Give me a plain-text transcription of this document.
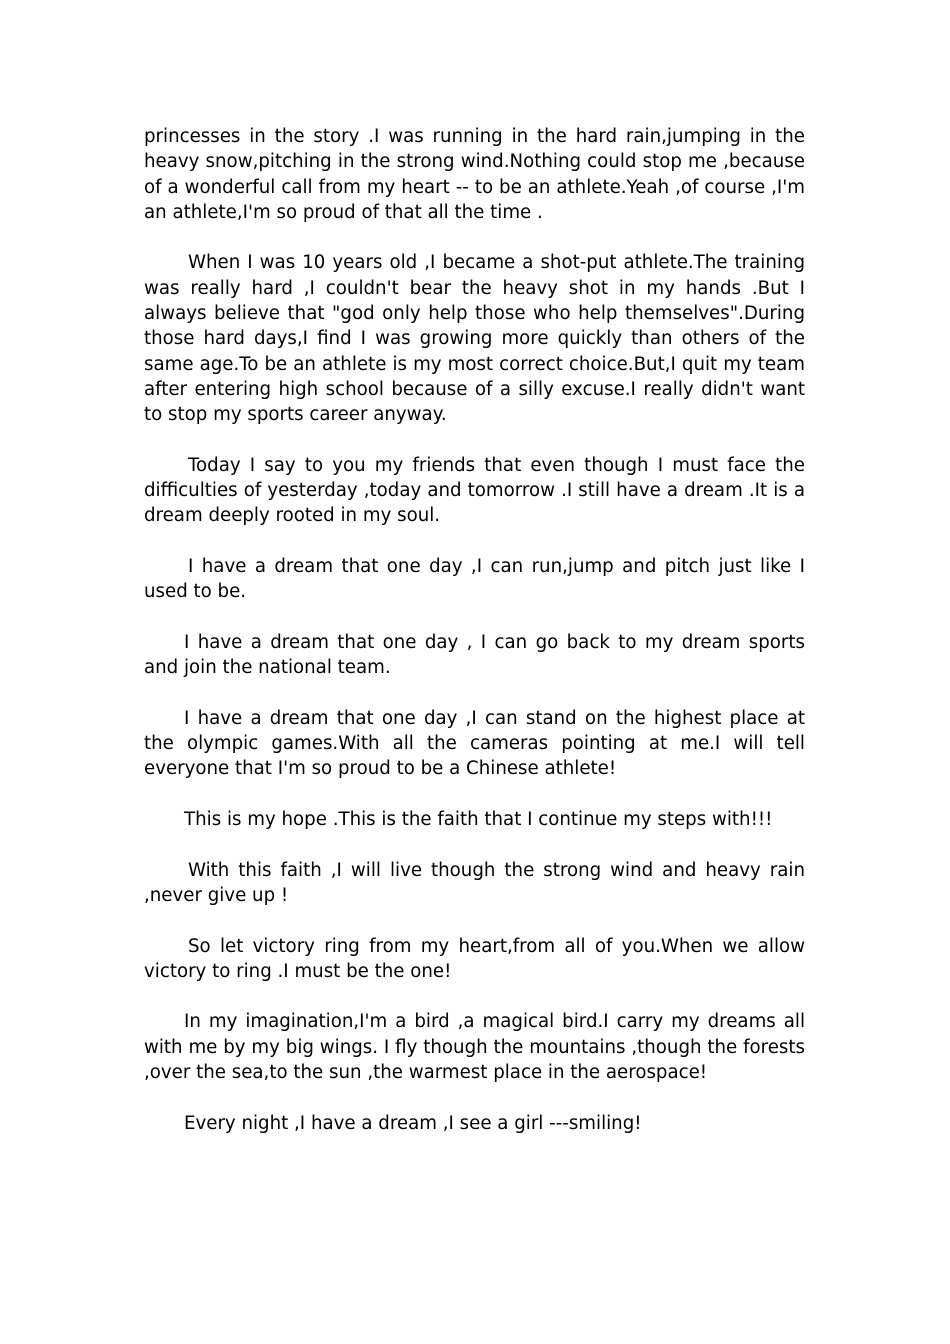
princesses in the story .I was running in the hard rain,jumping in the heavy snow,pitching in the strong wind.Nothing could stop me ,because of a wonderful call from my heart -- to be an athlete.Yeah ,of course ,I'm an athlete,I'm so proud of that all the time .

When I was 10 years old ,I became a shot-put athlete.The training was really hard ,I couldn't bear the heavy shot in my hands .But I always believe that "god only help those who help themselves".During those hard days,I find I was growing more quickly than others of the same age.To be an athlete is my most correct choice.But,I quit my team after entering high school because of a silly excuse.I really didn't want to stop my sports career anyway.

Today I say to you my friends that even though I must face the difficulties of yesterday ,today and tomorrow .I still have a dream .It is a dream deeply rooted in my soul.

I have a dream that one day ,I can run,jump and pitch just like I used to be.

I have a dream that one day , I can go back to my dream sports and join the national team.

I have a dream that one day ,I can stand on the highest place at the olympic games.With all the cameras pointing at me.I will tell everyone that I'm so proud to be a Chinese athlete!

This is my hope .This is the faith that I continue my steps with!!!

With this faith ,I will live though the strong wind and heavy rain ,never give up !

So let victory ring from my heart,from all of you.When we allow victory to ring .I must be the one!

In my imagination,I'm a bird ,a magical bird.I carry my dreams all with me by my big wings. I fly though the mountains ,though the forests ,over the sea,to the sun ,the warmest place in the aerospace!

Every night ,I have a dream ,I see a girl ---smiling!
